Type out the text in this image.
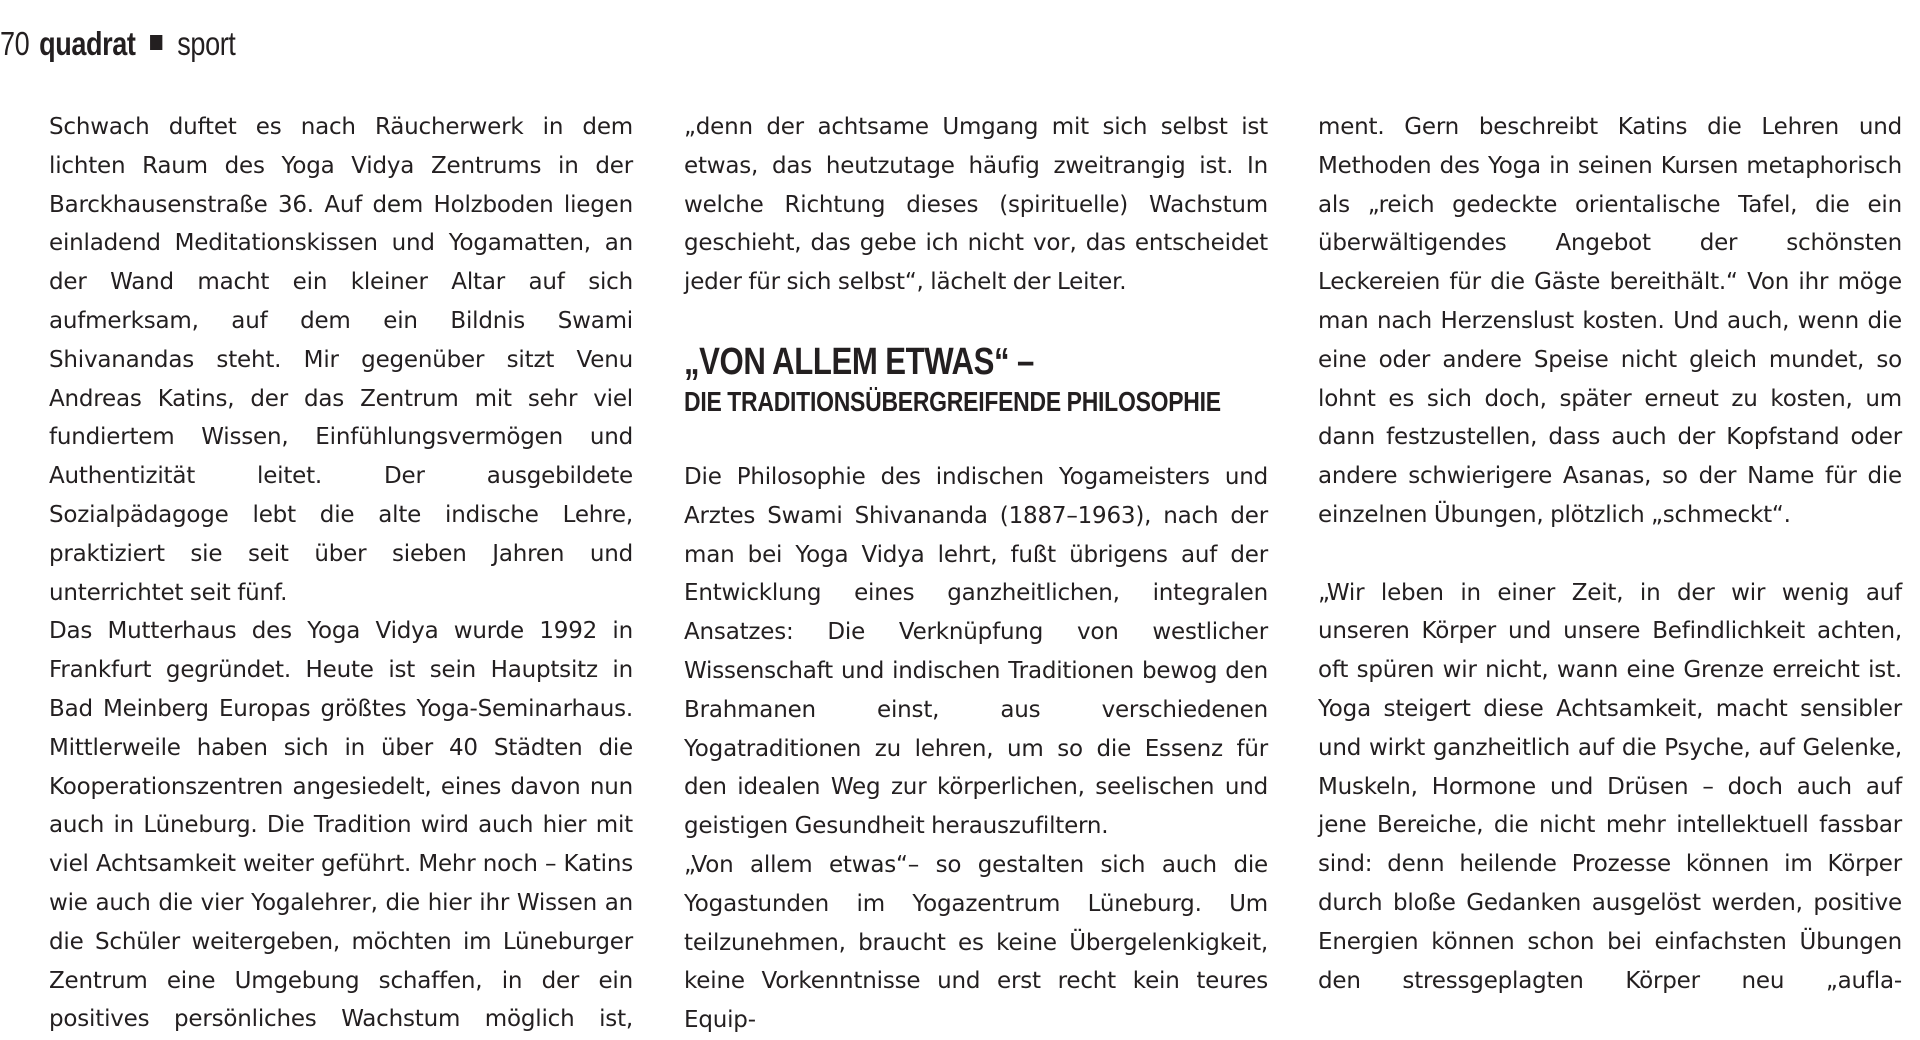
70 quadrat sport

Schwach duftet es nach Räucherwerk in dem lichten Raum des Yoga Vidya Zentrums in der Barckhausenstraße 36. Auf dem Holzboden liegen einladend Meditationskissen und Yogamatten, an der Wand macht ein kleiner Altar auf sich aufmerksam, auf dem ein Bildnis Swami Shivanandas steht. Mir gegenüber sitzt Venu Andreas Katins, der das Zentrum mit sehr viel fundiertem Wissen, Einfühlungsvermögen und Authentizität leitet. Der ausgebildete Sozialpädagoge lebt die alte indische Lehre, praktiziert sie seit über sieben Jahren und unterrichtet seit fünf.

Das Mutterhaus des Yoga Vidya wurde 1992 in Frankfurt gegründet. Heute ist sein Hauptsitz in Bad Meinberg Europas größtes Yoga-Seminarhaus. Mittlerweile haben sich in über 40 Städten die Kooperationszentren angesiedelt, eines davon nun auch in Lüneburg. Die Tradition wird auch hier mit viel Achtsamkeit weiter geführt. Mehr noch – Katins wie auch die vier Yogalehrer, die hier ihr Wissen an die Schüler weitergeben, möchten im Lüneburger Zentrum eine Umgebung schaffen, in der ein positives persönliches Wachstum möglich ist,

„denn der achtsame Umgang mit sich selbst ist etwas, das heutzutage häufig zweitrangig ist. In welche Richtung dieses (spirituelle) Wachstum geschieht, das gebe ich nicht vor, das entscheidet jeder für sich selbst“, lächelt der Leiter.

„VON ALLEM ETWAS“ –
DIE TRADITIONSÜBERGREIFENDE PHILOSOPHIE

Die Philosophie des indischen Yogameisters und Arztes Swami Shivananda (1887–1963), nach der man bei Yoga Vidya lehrt, fußt übrigens auf der Entwicklung eines ganzheitlichen, integralen Ansatzes: Die Verknüpfung von westlicher Wissenschaft und indischen Traditionen bewog den Brahmanen einst, aus verschiedenen Yogatraditionen zu lehren, um so die Essenz für den idealen Weg zur körperlichen, seelischen und geistigen Gesundheit herauszufiltern.

„Von allem etwas“– so gestalten sich auch die Yogastunden im Yogazentrum Lüneburg. Um teilzunehmen, braucht es keine Übergelenkigkeit, keine Vorkenntnisse und erst recht kein teures Equip-

ment. Gern beschreibt Katins die Lehren und Methoden des Yoga in seinen Kursen metaphorisch als „reich gedeckte orientalische Tafel, die ein überwältigendes Angebot der schönsten Leckereien für die Gäste bereithält.“ Von ihr möge man nach Herzenslust kosten. Und auch, wenn die eine oder andere Speise nicht gleich mundet, so lohnt es sich doch, später erneut zu kosten, um dann festzustellen, dass auch der Kopfstand oder andere schwierigere Asanas, so der Name für die einzelnen Übungen, plötzlich „schmeckt“.

„Wir leben in einer Zeit, in der wir wenig auf unseren Körper und unsere Befindlichkeit achten, oft spüren wir nicht, wann eine Grenze erreicht ist. Yoga steigert diese Achtsamkeit, macht sensibler und wirkt ganzheitlich auf die Psyche, auf Gelenke, Muskeln, Hormone und Drüsen – doch auch auf jene Bereiche, die nicht mehr intellektuell fassbar sind: denn heilende Prozesse können im Körper durch bloße Gedanken ausgelöst werden, positive Energien können schon bei einfachsten Übungen den stressgeplagten Körper neu „aufla-
